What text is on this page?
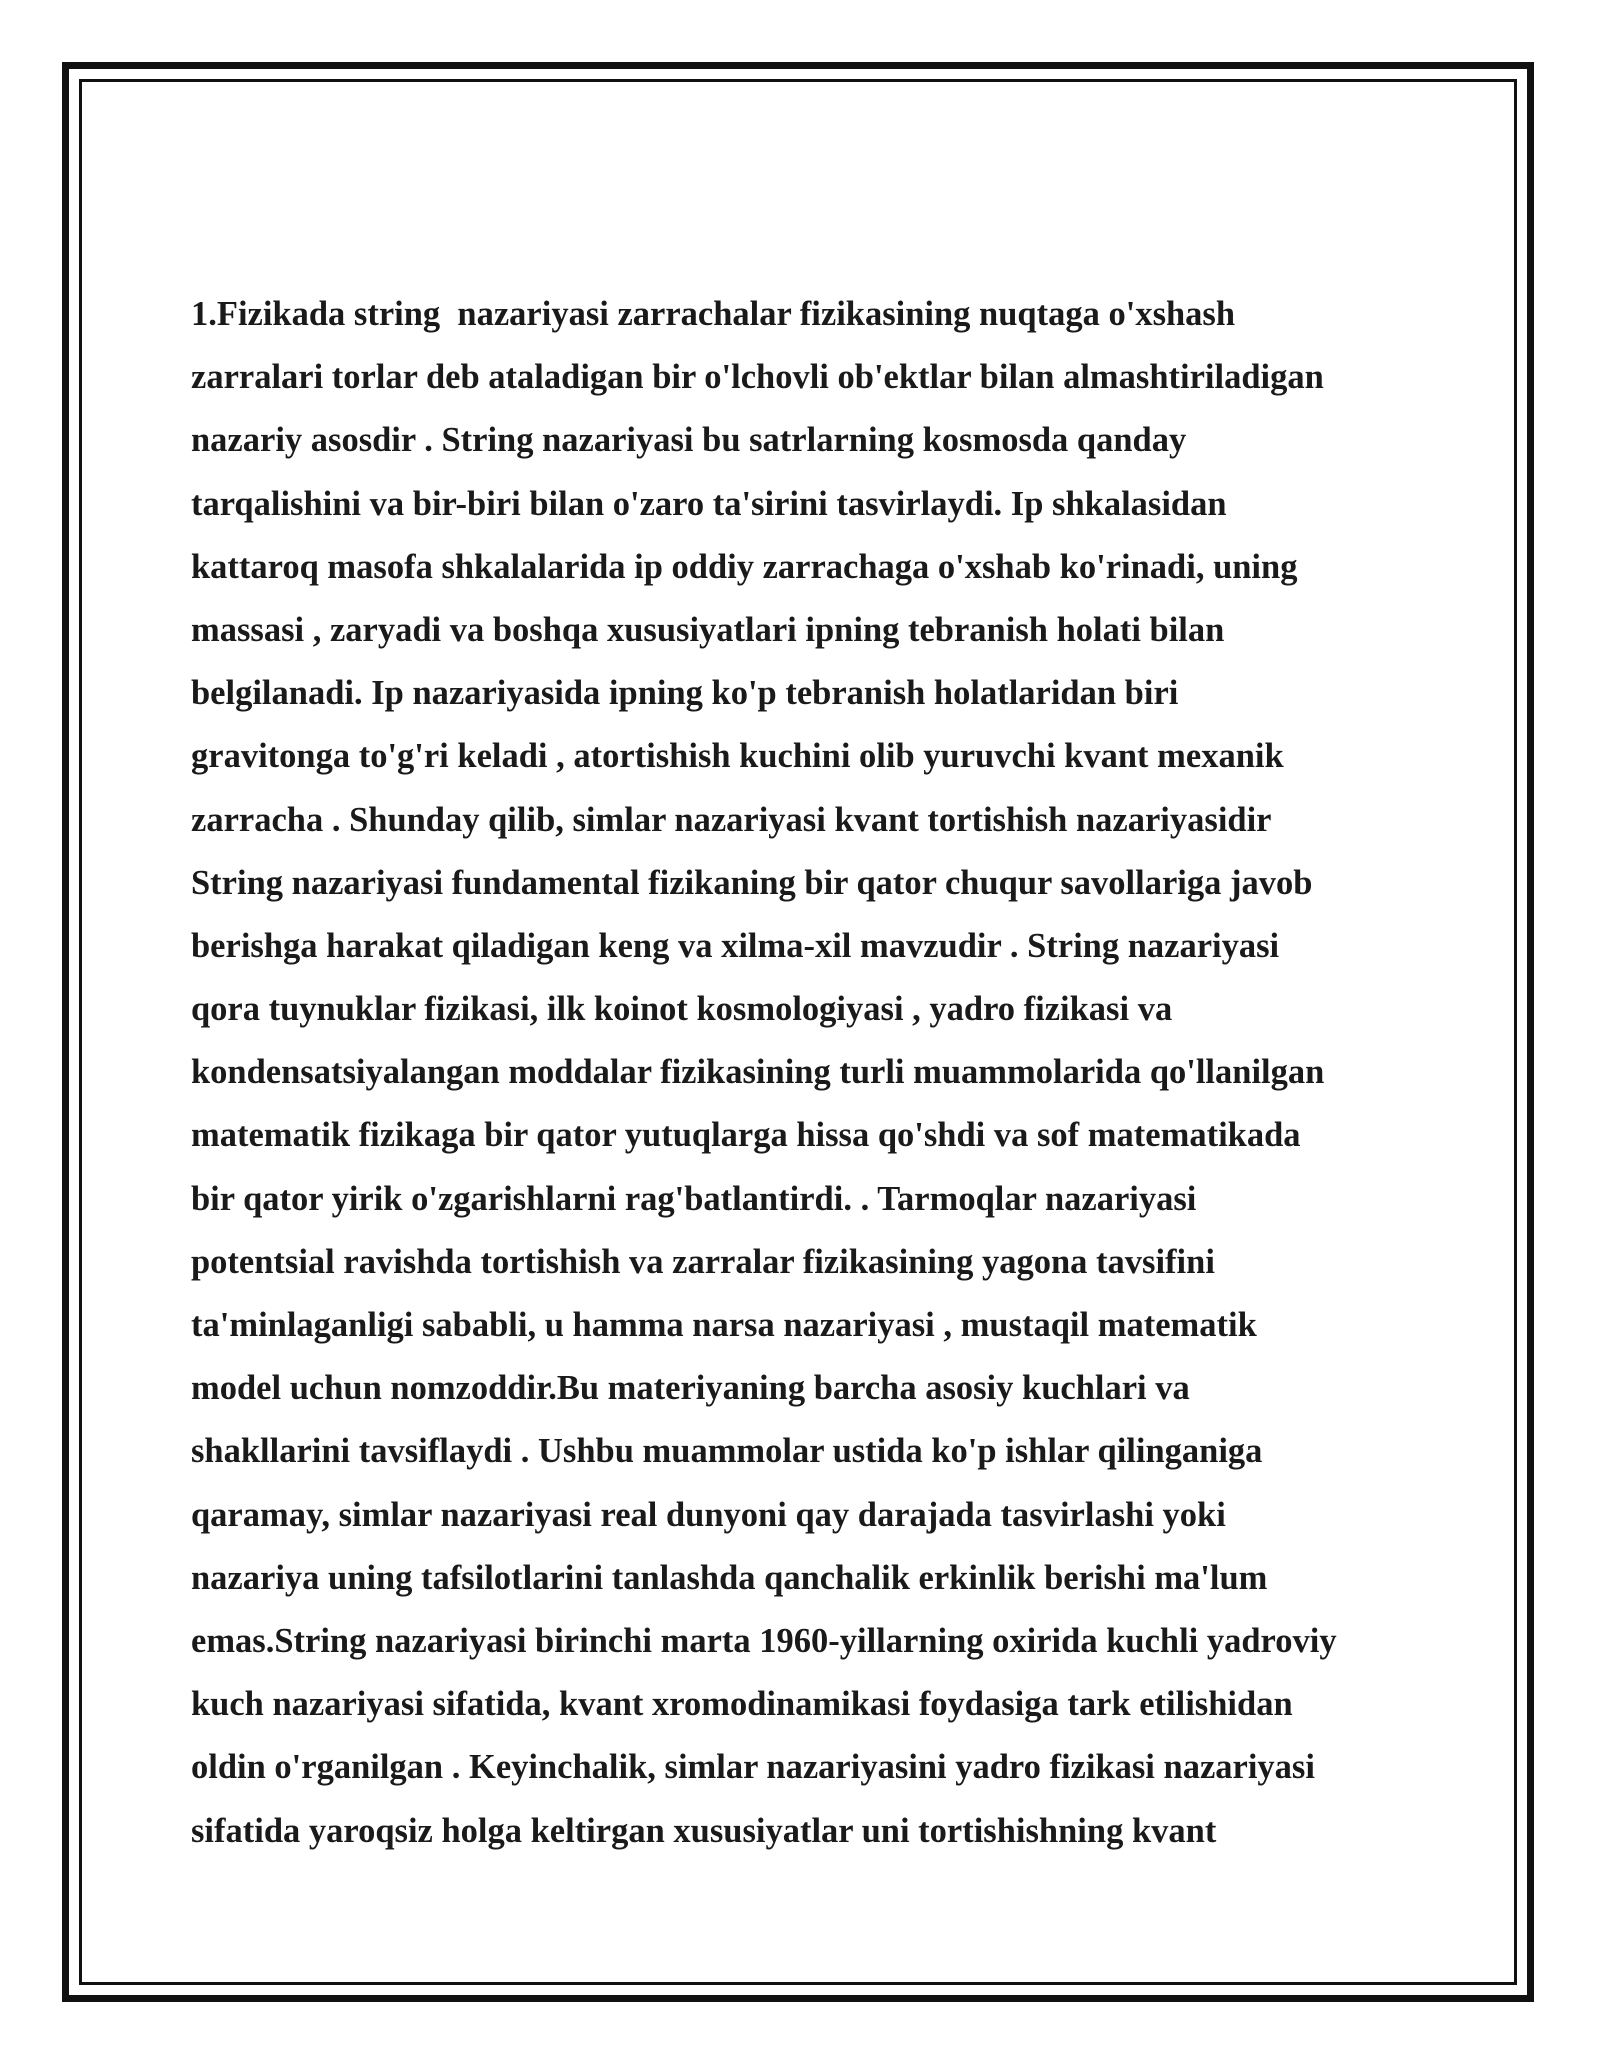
1.Fizikada string  nazariyasi zarrachalar fizikasining nuqtaga o'xshash
zarralari torlar deb ataladigan bir o'lchovli ob'ektlar bilan almashtiriladigan
nazariy asosdir . String nazariyasi bu satrlarning kosmosda qanday
tarqalishini va bir-biri bilan o'zaro ta'sirini tasvirlaydi. Ip shkalasidan
kattaroq masofa shkalalarida ip oddiy zarrachaga o'xshab ko'rinadi, uning
massasi , zaryadi va boshqa xususiyatlari ipning tebranish holati bilan
belgilanadi. Ip nazariyasida ipning ko'p tebranish holatlaridan biri
gravitonga to'g'ri keladi , atortishish kuchini olib yuruvchi kvant mexanik
zarracha . Shunday qilib, simlar nazariyasi kvant tortishish nazariyasidir
String nazariyasi fundamental fizikaning bir qator chuqur savollariga javob
berishga harakat qiladigan keng va xilma-xil mavzudir . String nazariyasi
qora tuynuklar fizikasi, ilk koinot kosmologiyasi , yadro fizikasi va
kondensatsiyalangan moddalar fizikasining turli muammolarida qo'llanilgan
matematik fizikaga bir qator yutuqlarga hissa qo'shdi va sof matematikada
bir qator yirik o'zgarishlarni rag'batlantirdi. . Tarmoqlar nazariyasi
potentsial ravishda tortishish va zarralar fizikasining yagona tavsifini
ta'minlaganligi sababli, u hamma narsa nazariyasi , mustaqil matematik
model uchun nomzoddir.Bu materiyaning barcha asosiy kuchlari va
shakllarini tavsiflaydi . Ushbu muammolar ustida ko'p ishlar qilinganiga
qaramay, simlar nazariyasi real dunyoni qay darajada tasvirlashi yoki
nazariya uning tafsilotlarini tanlashda qanchalik erkinlik berishi ma'lum
emas.String nazariyasi birinchi marta 1960-yillarning oxirida kuchli yadroviy
kuch nazariyasi sifatida, kvant xromodinamikasi foydasiga tark etilishidan
oldin o'rganilgan . Keyinchalik, simlar nazariyasini yadro fizikasi nazariyasi
sifatida yaroqsiz holga keltirgan xususiyatlar uni tortishishning kvant
